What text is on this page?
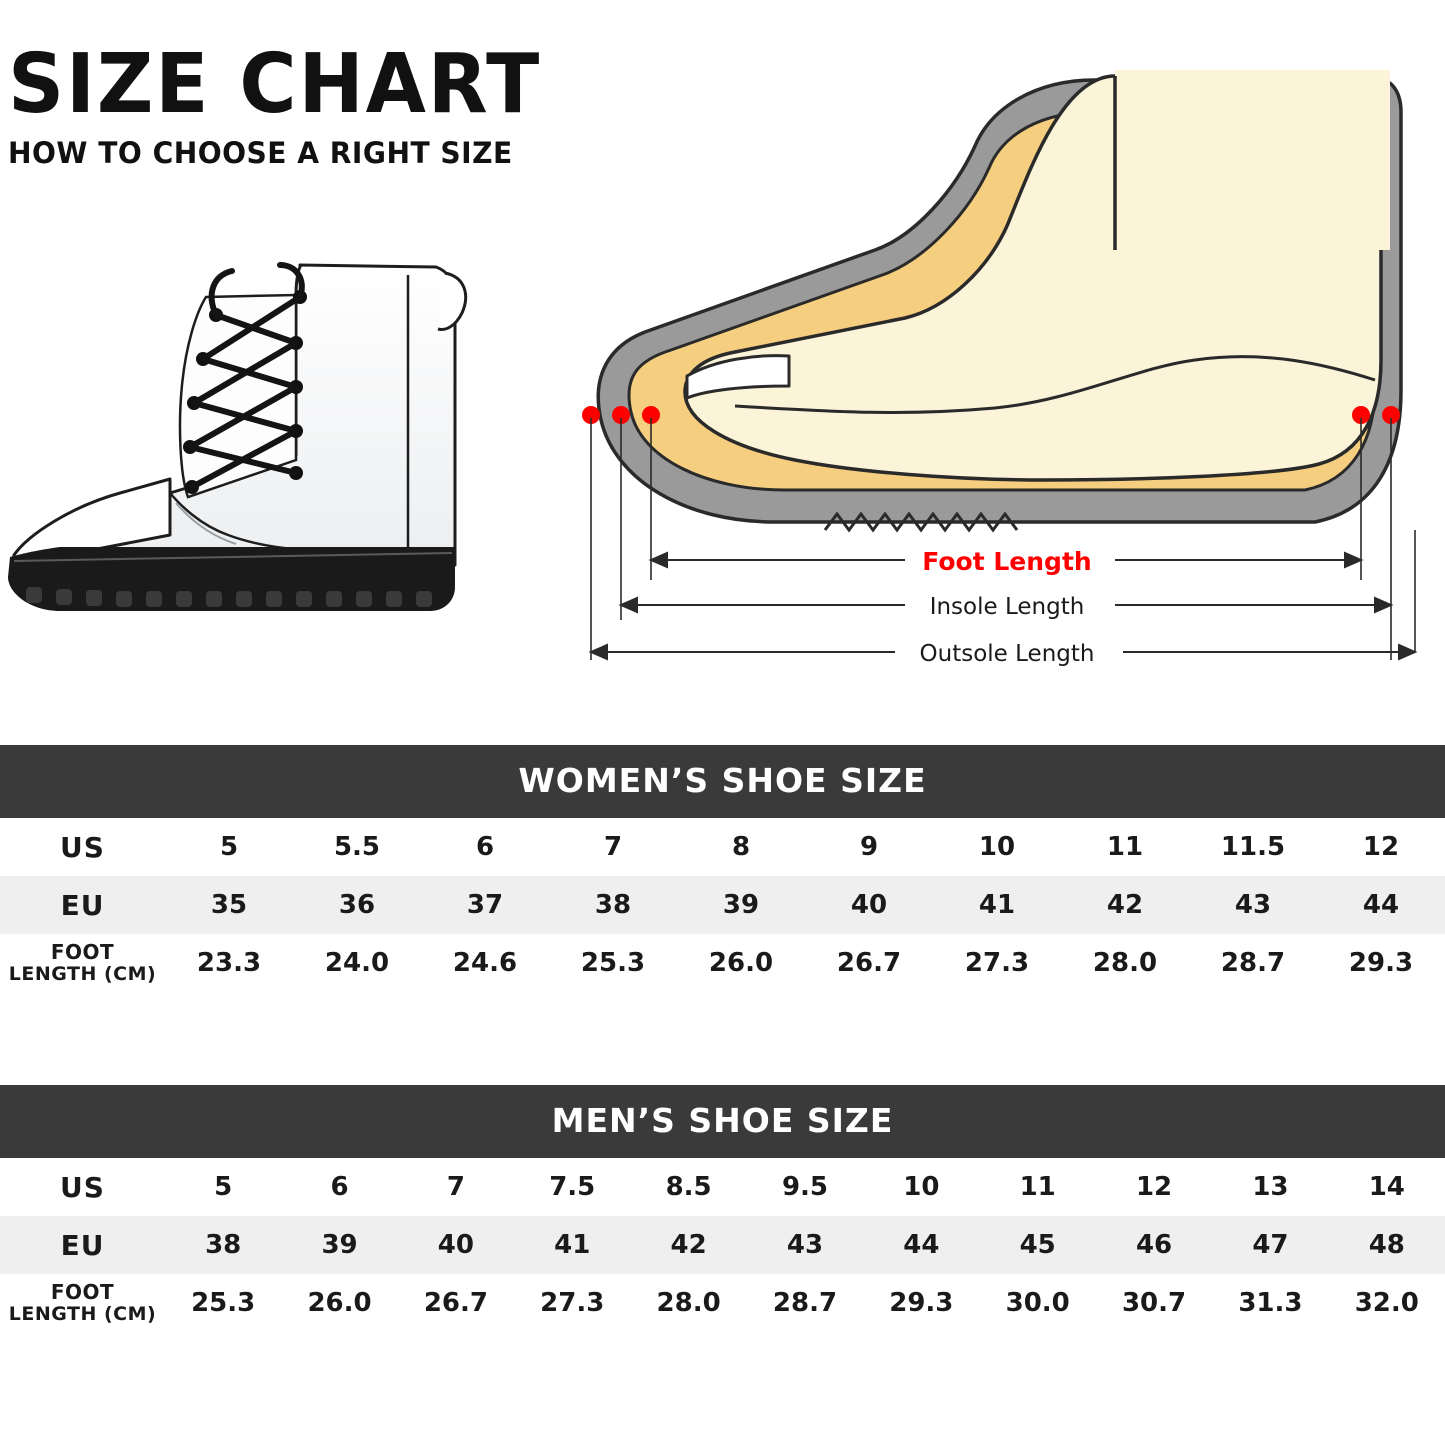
SIZE CHART
HOW TO CHOOSE A RIGHT SIZE
Foot Length
Insole Length
Outsole Length
WOMEN’S SHOE SIZE
US	5	5.5	6	7	8	9	10	11	11.5	12
EU	35	36	37	38	39	40	41	42	43	44

FOOT
LENGTH (CM)	23.3	24.0	24.6	25.3	26.0	26.7	27.3	28.0	28.7	29.3
MEN’S SHOE SIZE
US	5	6	7	7.5	8.5	9.5	10	11	12	13	14
EU	38	39	40	41	42	43	44	45	46	47	48

FOOT
LENGTH (CM)	25.3	26.0	26.7	27.3	28.0	28.7	29.3	30.0	30.7	31.3	32.0
